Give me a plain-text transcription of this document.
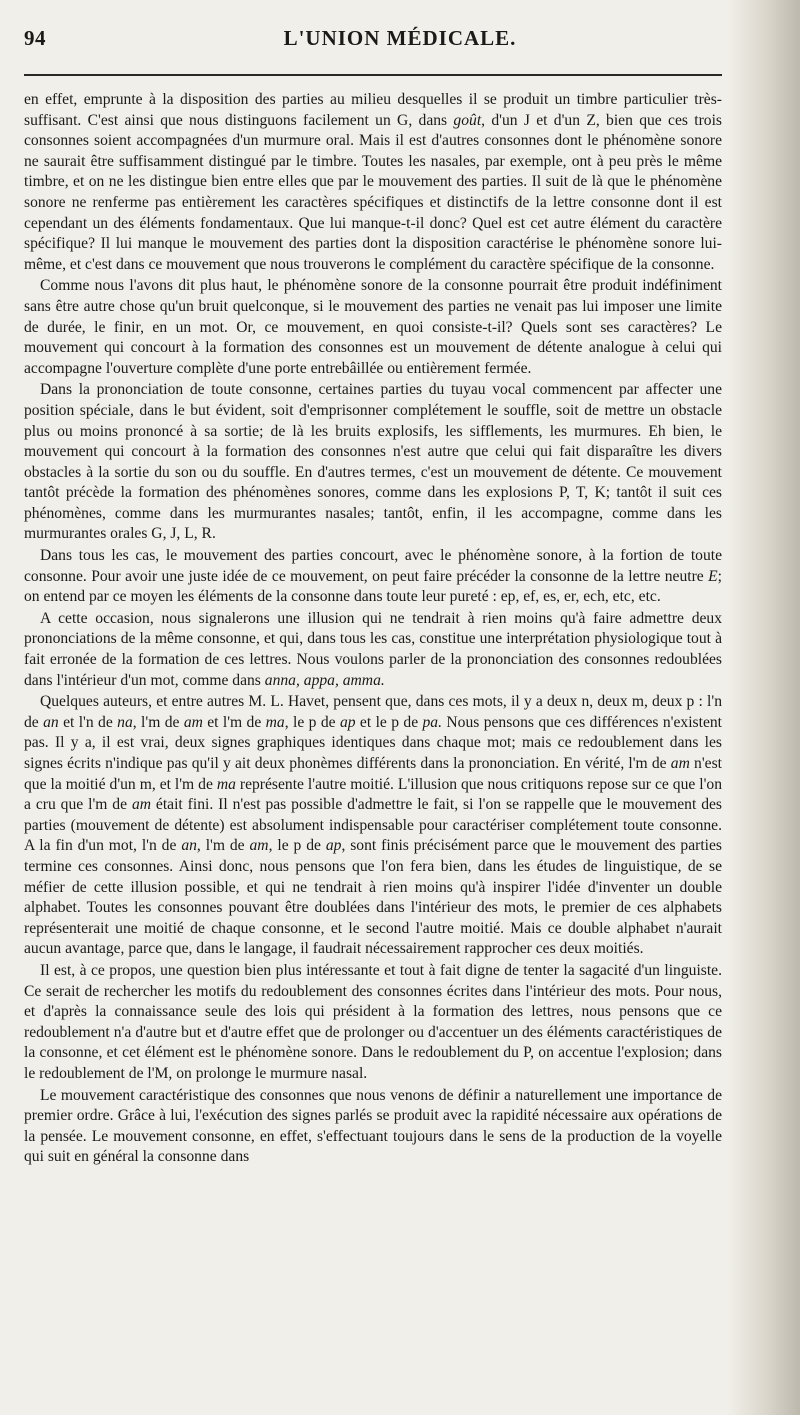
94	L'UNION MÉDICALE.

en effet, emprunte à la disposition des parties au milieu desquelles il se produit un timbre particulier très-suffisant. C'est ainsi que nous distinguons facilement un G, dans goût, d'un J et d'un Z, bien que ces trois consonnes soient accompagnées d'un murmure oral. Mais il est d'autres consonnes dont le phénomène sonore ne saurait être suffisamment distingué par le timbre. Toutes les nasales, par exemple, ont à peu près le même timbre, et on ne les distingue bien entre elles que par le mouvement des parties. Il suit de là que le phénomène sonore ne renferme pas entièrement les caractères spécifiques et distinctifs de la lettre consonne dont il est cependant un des éléments fondamentaux. Que lui manque-t-il donc? Quel est cet autre élément du caractère spécifique? Il lui manque le mouvement des parties dont la disposition caractérise le phénomène sonore lui-même, et c'est dans ce mouvement que nous trouverons le complément du caractère spécifique de la consonne.

Comme nous l'avons dit plus haut, le phénomène sonore de la consonne pourrait être produit indéfiniment sans être autre chose qu'un bruit quelconque, si le mouvement des parties ne venait pas lui imposer une limite de durée, le finir, en un mot. Or, ce mouvement, en quoi consiste-t-il? Quels sont ses caractères? Le mouvement qui concourt à la formation des consonnes est un mouvement de détente analogue à celui qui accompagne l'ouverture complète d'une porte entrebâillée ou entièrement fermée.

Dans la prononciation de toute consonne, certaines parties du tuyau vocal commencent par affecter une position spéciale, dans le but évident, soit d'emprisonner complétement le souffle, soit de mettre un obstacle plus ou moins prononcé à sa sortie; de là les bruits explosifs, les sifflements, les murmures. Eh bien, le mouvement qui concourt à la formation des consonnes n'est autre que celui qui fait disparaître les divers obstacles à la sortie du son ou du souffle. En d'autres termes, c'est un mouvement de détente. Ce mouvement tantôt précède la formation des phénomènes sonores, comme dans les explosions P, T, K; tantôt il suit ces phénomènes, comme dans les murmurantes nasales; tantôt, enfin, il les accompagne, comme dans les murmurantes orales G, J, L, R.

Dans tous les cas, le mouvement des parties concourt, avec le phénomène sonore, à la fortion de toute consonne. Pour avoir une juste idée de ce mouvement, on peut faire précéder la consonne de la lettre neutre E; on entend par ce moyen les éléments de la consonne dans toute leur pureté : ep, ef, es, er, ech, etc, etc.

A cette occasion, nous signalerons une illusion qui ne tendrait à rien moins qu'à faire admettre deux prononciations de la même consonne, et qui, dans tous les cas, constitue une interprétation physiologique tout à fait erronée de la formation de ces lettres. Nous voulons parler de la prononciation des consonnes redoublées dans l'intérieur d'un mot, comme dans anna, appa, amma.

Quelques auteurs, et entre autres M. L. Havet, pensent que, dans ces mots, il y a deux n, deux m, deux p : l'n de an et l'n de na, l'm de am et l'm de ma, le p de ap et le p de pa. Nous pensons que ces différences n'existent pas. Il y a, il est vrai, deux signes graphiques identiques dans chaque mot; mais ce redoublement dans les signes écrits n'indique pas qu'il y ait deux phonèmes différents dans la prononciation. En vérité, l'm de am n'est que la moitié d'un m, et l'm de ma représente l'autre moitié. L'illusion que nous critiquons repose sur ce que l'on a cru que l'm de am était fini. Il n'est pas possible d'admettre le fait, si l'on se rappelle que le mouvement des parties (mouvement de détente) est absolument indispensable pour caractériser complétement toute consonne. A la fin d'un mot, l'n de an, l'm de am, le p de ap, sont finis précisément parce que le mouvement des parties termine ces consonnes. Ainsi donc, nous pensons que l'on fera bien, dans les études de linguistique, de se méfier de cette illusion possible, et qui ne tendrait à rien moins qu'à inspirer l'idée d'inventer un double alphabet. Toutes les consonnes pouvant être doublées dans l'intérieur des mots, le premier de ces alphabets représenterait une moitié de chaque consonne, et le second l'autre moitié. Mais ce double alphabet n'aurait aucun avantage, parce que, dans le langage, il faudrait nécessairement rapprocher ces deux moitiés.

Il est, à ce propos, une question bien plus intéressante et tout à fait digne de tenter la sagacité d'un linguiste. Ce serait de rechercher les motifs du redoublement des consonnes écrites dans l'intérieur des mots. Pour nous, et d'après la connaissance seule des lois qui président à la formation des lettres, nous pensons que ce redoublement n'a d'autre but et d'autre effet que de prolonger ou d'accentuer un des éléments caractéristiques de la consonne, et cet élément est le phénomène sonore. Dans le redoublement du P, on accentue l'explosion; dans le redoublement de l'M, on prolonge le murmure nasal.

Le mouvement caractéristique des consonnes que nous venons de définir a naturellement une importance de premier ordre. Grâce à lui, l'exécution des signes parlés se produit avec la rapidité nécessaire aux opérations de la pensée. Le mouvement consonne, en effet, s'effectuant toujours dans le sens de la production de la voyelle qui suit en général la consonne dans
